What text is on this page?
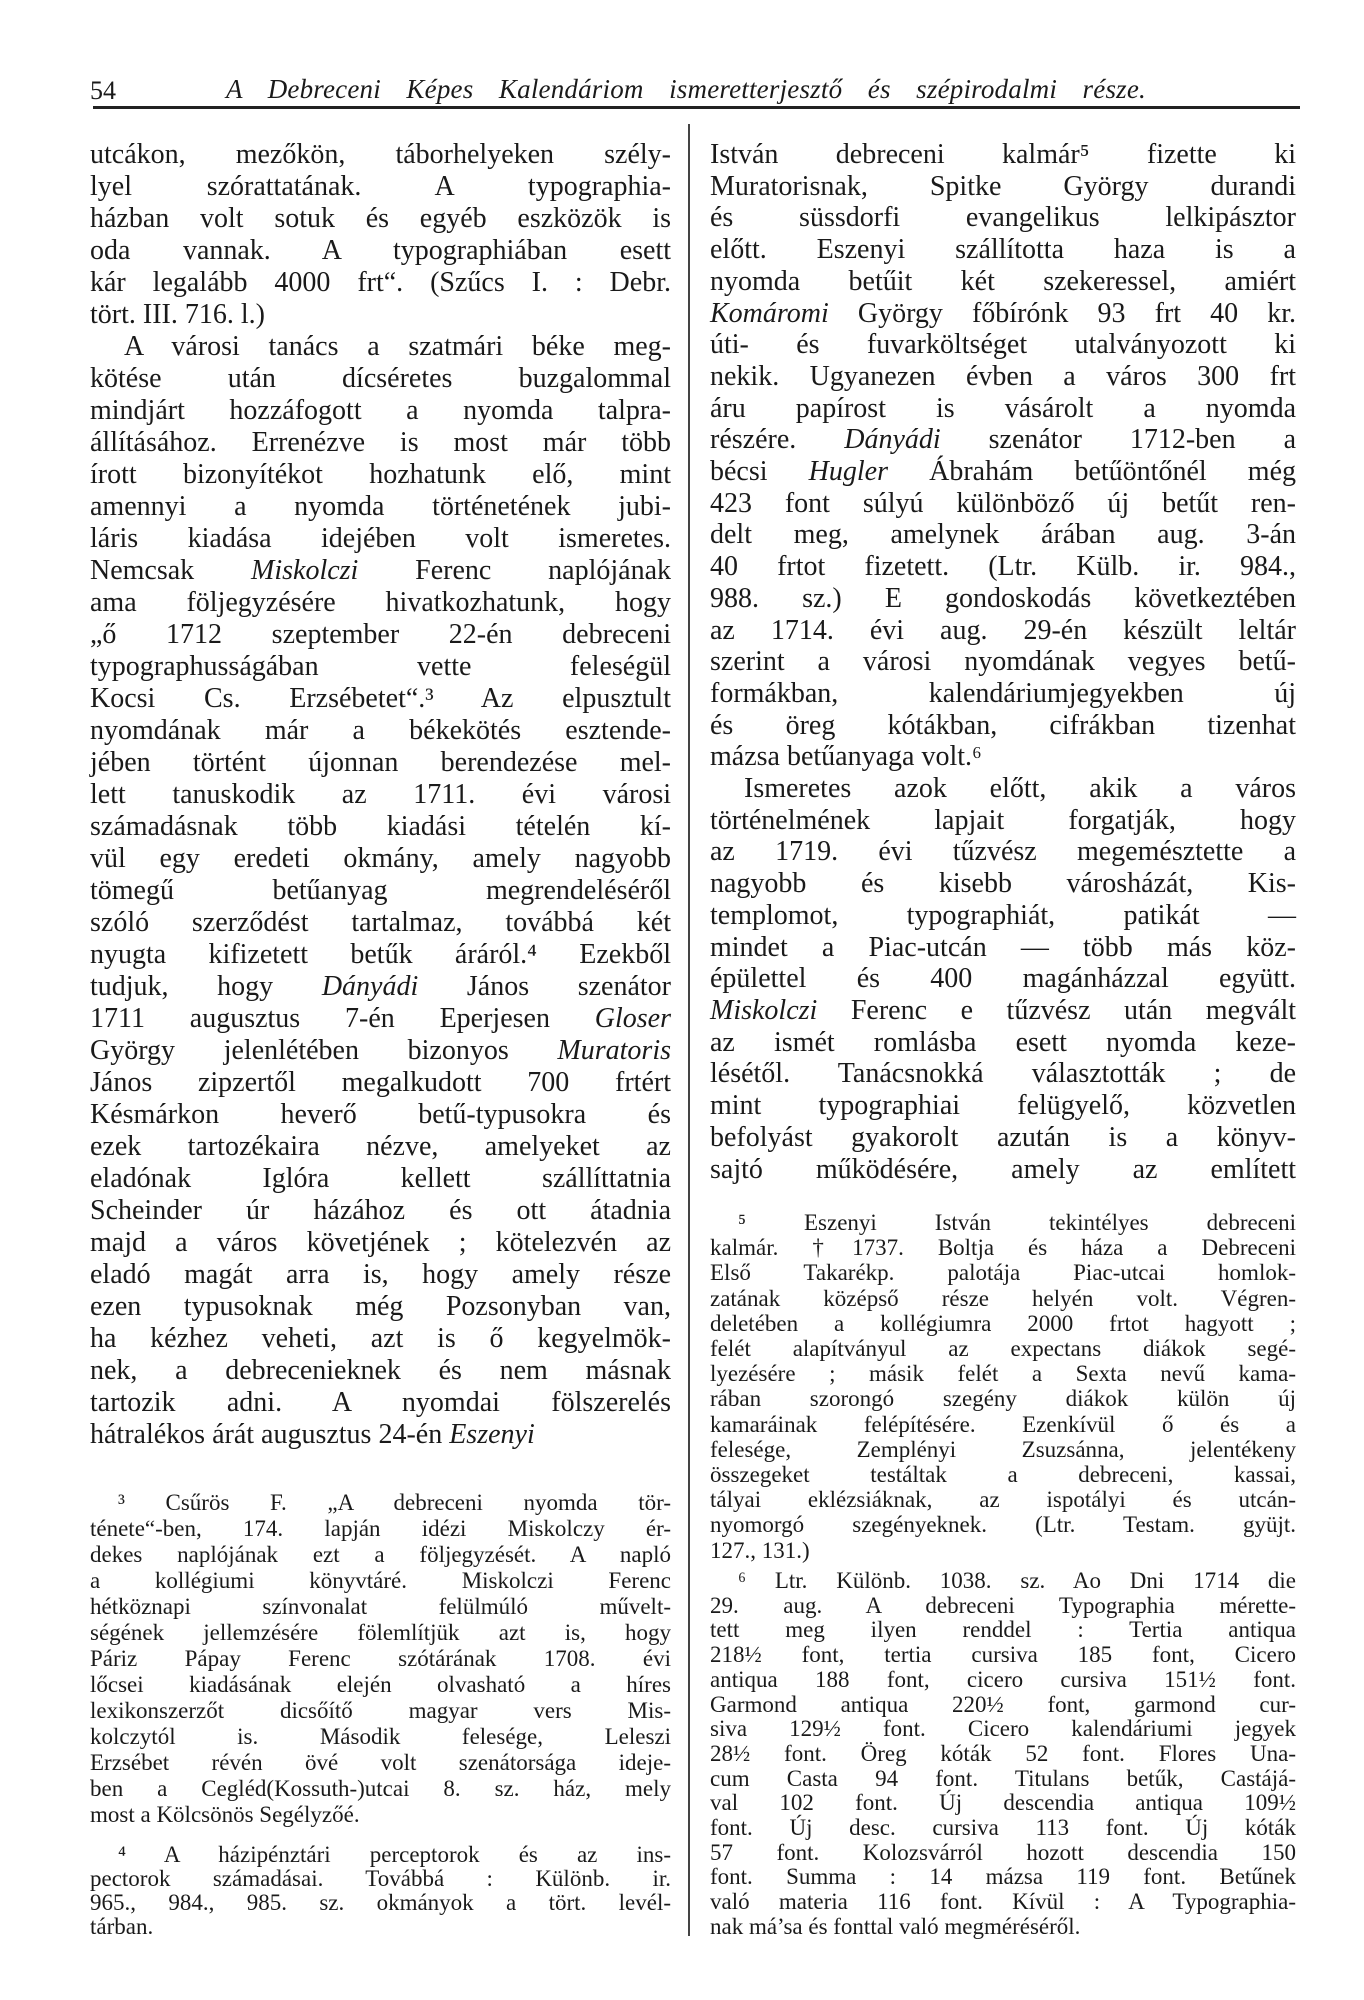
54	A Debreceni Képes Kalendáriom ismeretterjesztő és szépirodalmi része.
utcákon, mezőkön, táborhelyeken szély-
lyel szórattatának. A typographia-
házban volt sotuk és egyéb eszközök is
oda vannak. A typographiában esett
kár legalább 4000 frt“. (Szűcs I. : Debr.
tört. III. 716. l.)
A városi tanács a szatmári béke meg-
kötése után dícséretes buzgalommal
mindjárt hozzáfogott a nyomda talpra-
állításához. Errenézve is most már több
írott bizonyítékot hozhatunk elő, mint
amennyi a nyomda történetének jubi-
láris kiadása idejében volt ismeretes.
Nemcsak Miskolczi Ferenc naplójának
ama följegyzésére hivatkozhatunk, hogy
„ő 1712 szeptember 22-én debreceni
typographusságában vette feleségül
Kocsi Cs. Erzsébetet“.³ Az elpusztult
nyomdának már a békekötés esztende-
jében történt újonnan berendezése mel-
lett tanuskodik az 1711. évi városi
számadásnak több kiadási tételén kí-
vül egy eredeti okmány, amely nagyobb
tömegű betűanyag megrendeléséről
szóló szerződést tartalmaz, továbbá két
nyugta kifizetett betűk áráról.⁴ Ezekből
tudjuk, hogy Dányádi János szenátor
1711 augusztus 7-én Eperjesen Gloser
György jelenlétében bizonyos Muratoris
János zipzertől megalkudott 700 frtért
Késmárkon heverő betű-typusokra és
ezek tartozékaira nézve, amelyeket az
eladónak Iglóra kellett szállíttatnia
Scheinder úr házához és ott átadnia
majd a város követjének ; kötelezvén az
eladó magát arra is, hogy amely része
ezen typusoknak még Pozsonyban van,
ha kézhez veheti, azt is ő kegyelmök-
nek, a debrecenieknek és nem másnak
tartozik adni. A nyomdai fölszerelés
hátralékos árát augusztus 24-én Eszenyi
³ Csűrös F. „A debreceni nyomda tör-
ténete“-ben, 174. lapján idézi Miskolczy ér-
dekes naplójának ezt a följegyzését. A napló
a kollégiumi könyvtáré. Miskolczi Ferenc
hétköznapi színvonalat felülmúló művelt-
ségének jellemzésére fölemlítjük azt is, hogy
Páriz Pápay Ferenc szótárának 1708. évi
lőcsei kiadásának elején olvasható a híres
lexikonszerzőt dicsőítő magyar vers Mis-
kolczytól is. Második felesége, Leleszi
Erzsébet révén övé volt szenátorsága ideje-
ben a Cegléd(Kossuth-)utcai 8. sz. ház, mely
most a Kölcsönös Segélyzőé.
⁴ A házipénztári perceptorok és az ins-
pectorok számadásai. Továbbá : Különb. ir.
965., 984., 985. sz. okmányok a tört. levél-
tárban.
István debreceni kalmár⁵ fizette ki
Muratorisnak, Spitke György durandi
és süssdorfi evangelikus lelkipásztor
előtt. Eszenyi szállította haza is a
nyomda betűit két szekeressel, amiért
Komáromi György főbírónk 93 frt 40 kr.
úti- és fuvarköltséget utalványozott ki
nekik. Ugyanezen évben a város 300 frt
áru papírost is vásárolt a nyomda
részére. Dányádi szenátor 1712-ben a
bécsi Hugler Ábrahám betűöntőnél még
423 font súlyú különböző új betűt ren-
delt meg, amelynek árában aug. 3-án
40 frtot fizetett. (Ltr. Külb. ir. 984.,
988. sz.) E gondoskodás következtében
az 1714. évi aug. 29-én készült leltár
szerint a városi nyomdának vegyes betű-
formákban, kalendáriumjegyekben új
és öreg kótákban, cifrákban tizenhat
mázsa betűanyaga volt.⁶
Ismeretes azok előtt, akik a város
történelmének lapjait forgatják, hogy
az 1719. évi tűzvész megemésztette a
nagyobb és kisebb városházát, Kis-
templomot, typographiát, patikát —
mindet a Piac-utcán — több más köz-
épülettel és 400 magánházzal együtt.
Miskolczi Ferenc e tűzvész után megvált
az ismét romlásba esett nyomda keze-
lésétől. Tanácsnokká választották ; de
mint typographiai felügyelő, közvetlen
befolyást gyakorolt azután is a könyv-
sajtó működésére, amely az említett
⁵ Eszenyi István tekintélyes debreceni
kalmár. †1737. Boltja és háza a Debreceni
Első Takarékp. palotája Piac-utcai homlok-
zatának középső része helyén volt. Végren-
deletében a kollégiumra 2000 frtot hagyott ;
felét alapítványul az expectans diákok segé-
lyezésére ; másik felét a Sexta nevű kama-
rában szorongó szegény diákok külön új
kamaráinak felépítésére. Ezenkívül ő és a
felesége, Zemplényi Zsuzsánna, jelentékeny
összegeket testáltak a debreceni, kassai,
tályai eklézsiáknak, az ispotályi és utcán-
nyomorgó szegényeknek. (Ltr. Testam. gyüjt.
127., 131.)
⁶ Ltr. Különb. 1038. sz. Ao Dni 1714 die
29. aug. A debreceni Typographia mérette-
tett meg ilyen renddel : Tertia antiqua
218½ font, tertia cursiva 185 font, Cicero
antiqua 188 font, cicero cursiva 151½ font.
Garmond antiqua 220½ font, garmond cur-
siva 129½ font. Cicero kalendáriumi jegyek
28½ font. Öreg kóták 52 font. Flores Una-
cum Casta 94 font. Titulans betűk, Castájá-
val 102 font. Új descendia antiqua 109½
font. Új desc. cursiva 113 font. Új kóták
57 font. Kolozsvárról hozott descendia 150
font. Summa : 14 mázsa 119 font. Betűnek
való materia 116 font. Kívül : A Typographia-
nak má’sa és fonttal való megméréséről.
